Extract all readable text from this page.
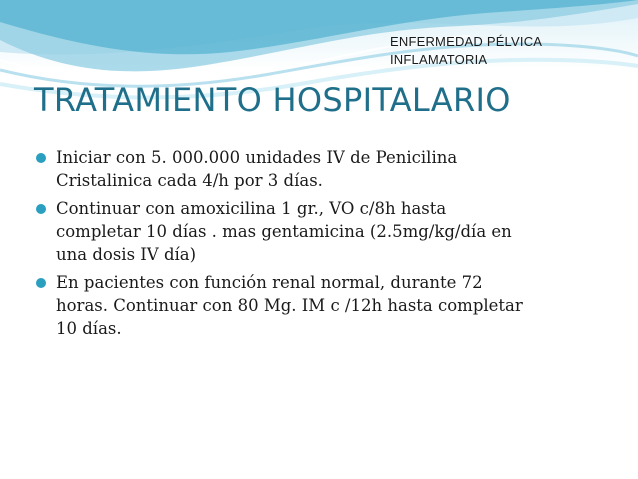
ENFERMEDAD PÉLVICA
INFLAMATORIA
TRATAMIENTO HOSPITALARIO
Iniciar con 5. 000.000 unidades IV de Penicilina
Cristalinica cada 4/h por 3 días.
Continuar con amoxicilina 1 gr., VO c/8h hasta
completar 10 días . mas gentamicina (2.5mg/kg/día en
una dosis IV día)
En pacientes con función renal normal, durante 72
horas. Continuar con 80 Mg. IM c /12h hasta completar
10 días.
